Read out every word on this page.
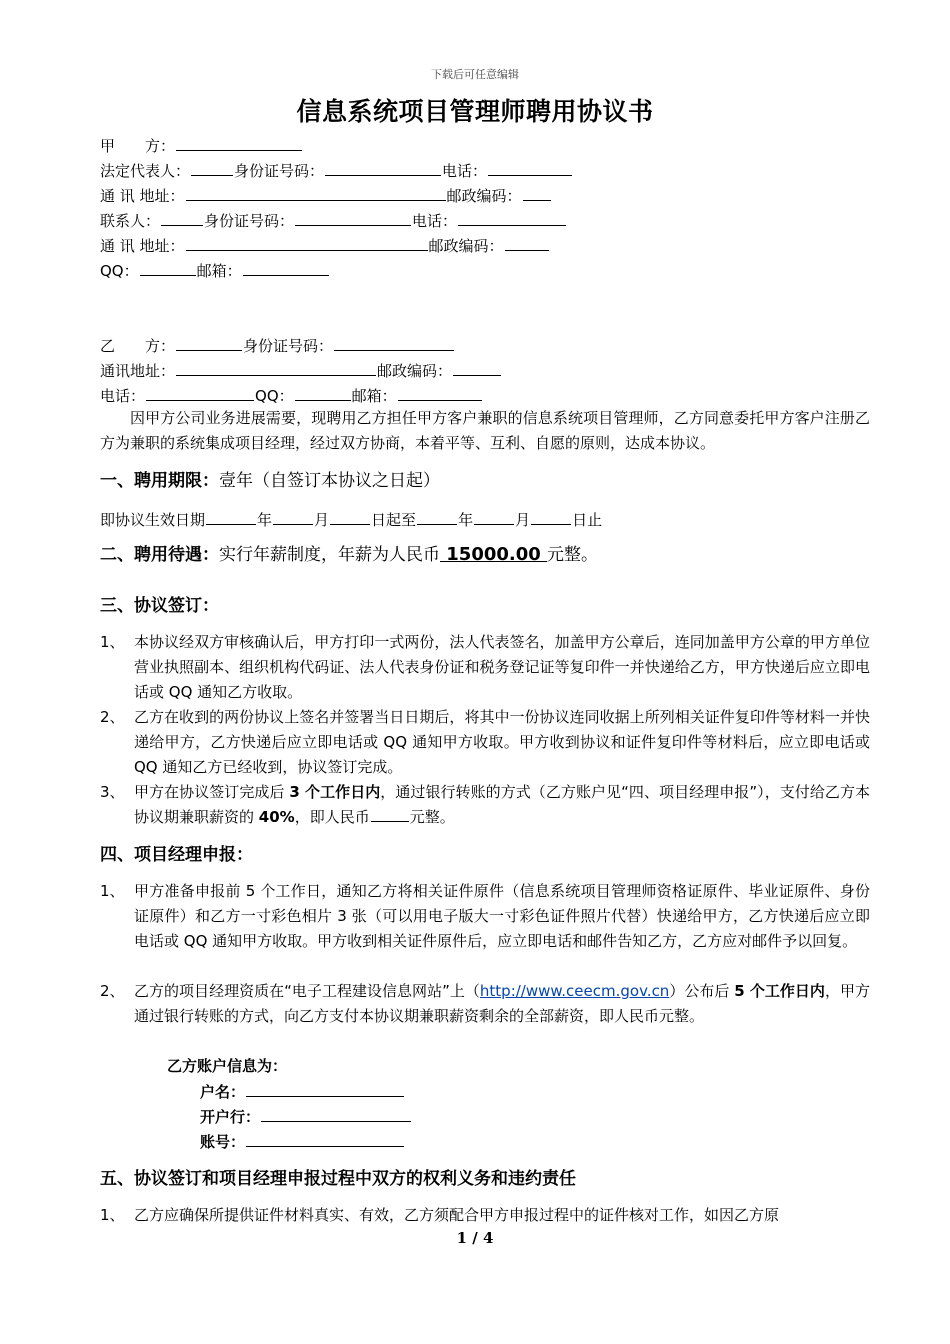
下载后可任意编辑
信息系统项目管理师聘用协议书
甲　　方：
法定代表人：	身份证号码：	电话：
通 讯 地址：	邮政编码：
联系人：	身份证号码：	电话：
通 讯 地址：	邮政编码：
QQ：	邮箱：
乙　　方：	身份证号码：
通讯地址：	邮政编码：
电话：	QQ：	邮箱：
因甲方公司业务进展需要，现聘用乙方担任甲方客户兼职的信息系统项目管理师，乙方同意委托甲方客户注册乙方为兼职的系统集成项目经理，经过双方协商，本着平等、互利、自愿的原则，达成本协议。
一、聘用期限：壹年（自签订本协议之日起）
即协议生效日期	年	月	日起至	年	月	日止
二、聘用待遇：实行年薪制度，年薪为人民币 15000.00 元整。
三、协议签订：
1、 本协议经双方审核确认后，甲方打印一式两份，法人代表签名，加盖甲方公章后，连同加盖甲方公章的甲方单位营业执照副本、组织机构代码证、法人代表身份证和税务登记证等复印件一并快递给乙方，甲方快递后应立即电话或 QQ 通知乙方收取。
2、 乙方在收到的两份协议上签名并签署当日日期后，将其中一份协议连同收据上所列相关证件复印件等材料一并快递给甲方，乙方快递后应立即电话或 QQ 通知甲方收取。甲方收到协议和证件复印件等材料后，应立即电话或 QQ 通知乙方已经收到，协议签订完成。
3、 甲方在协议签订完成后 3 个工作日内，通过银行转账的方式（乙方账户见“四、项目经理申报”），支付给乙方本协议期兼职薪资的 40%，即人民币	元整。
四、项目经理申报：
1、 甲方准备申报前 5 个工作日，通知乙方将相关证件原件（信息系统项目管理师资格证原件、毕业证原件、身份证原件）和乙方一寸彩色相片 3 张（可以用电子版大一寸彩色证件照片代替）快递给甲方，乙方快递后应立即电话或 QQ 通知甲方收取。甲方收到相关证件原件后，应立即电话和邮件告知乙方，乙方应对邮件予以回复。
2、 乙方的项目经理资质在“电子工程建设信息网站”上（http://www.ceecm.gov.cn）公布后 5 个工作日内，甲方通过银行转账的方式，向乙方支付本协议期兼职薪资剩余的全部薪资，即人民币元整。
乙方账户信息为：
户名：
开户行：
账号：
五、协议签订和项目经理申报过程中双方的权利义务和违约责任
1、 乙方应确保所提供证件材料真实、有效，乙方须配合甲方申报过程中的证件核对工作，如因乙方原
1 / 4
